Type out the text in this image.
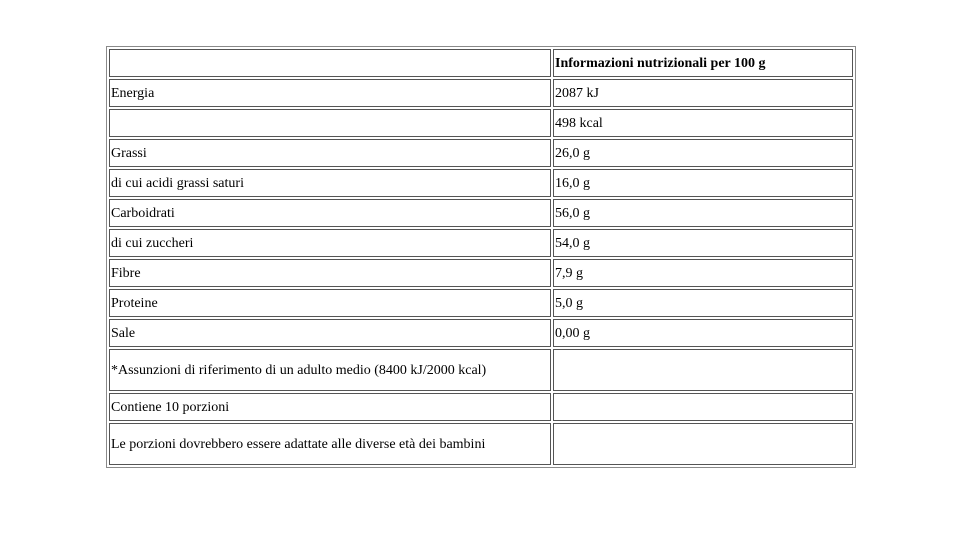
	Informazioni nutrizionali per 100 g
Energia	2087 kJ
	498 kcal
Grassi	26,0 g
di cui acidi grassi saturi	16,0 g
Carboidrati	56,0 g
di cui zuccheri	54,0 g
Fibre	7,9 g
Proteine	5,0 g
Sale	0,00 g
*Assunzioni di riferimento di un adulto medio (8400 kJ/2000 kcal)	
Contiene 10 porzioni	
Le porzioni dovrebbero essere adattate alle diverse età dei bambini	
